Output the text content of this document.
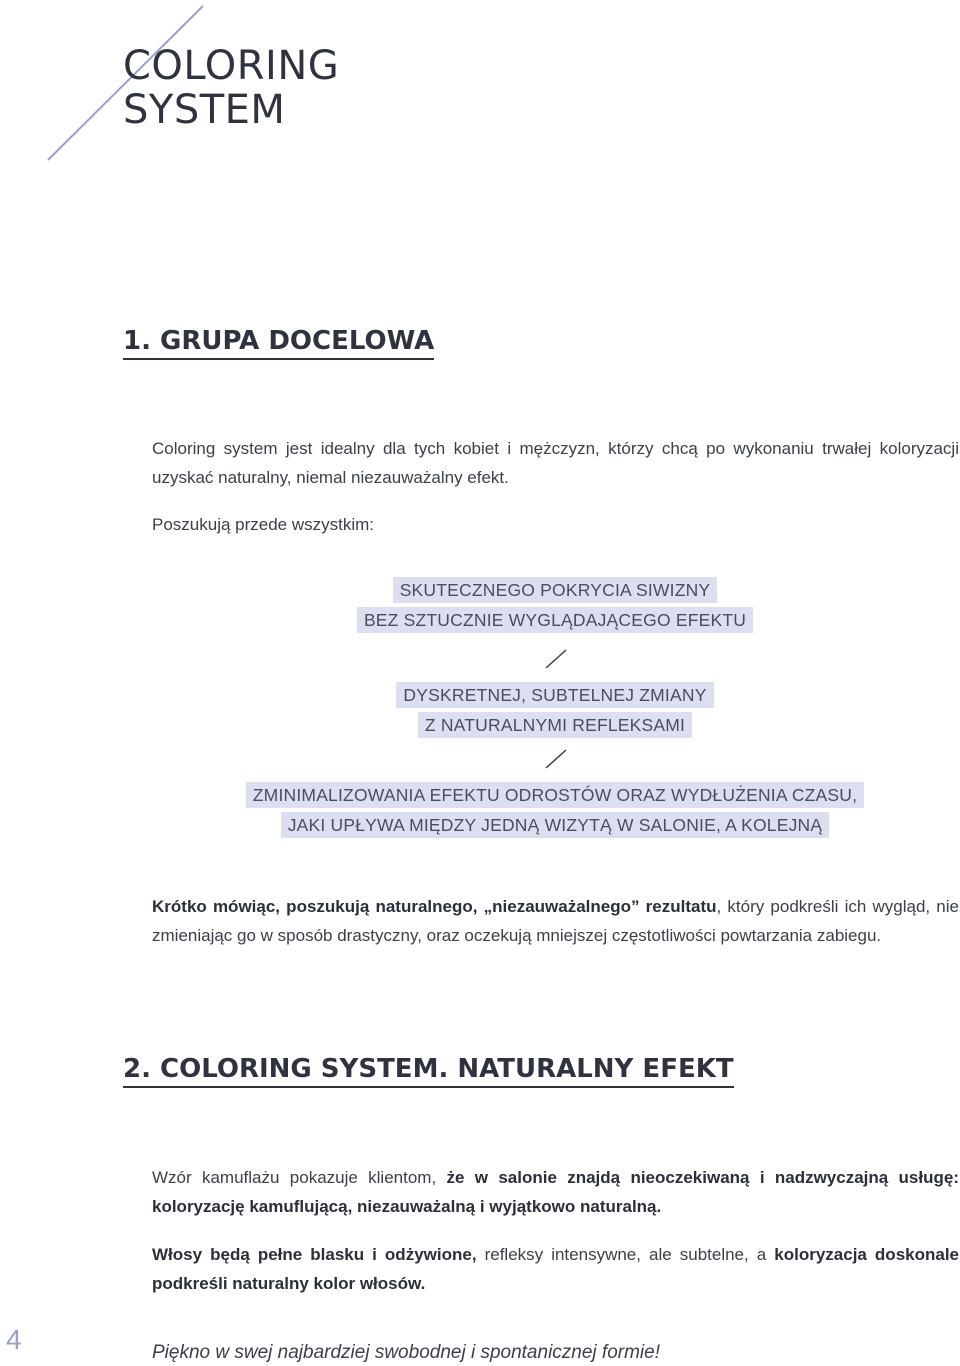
COLORING
SYSTEM
1. GRUPA DOCELOWA

Coloring system jest idealny dla tych kobiet i mężczyzn, którzy chcą po wykonaniu trwałej koloryzacji uzyskać naturalny, niemal niezauważalny efekt.

Poszukują przede wszystkim:

SKUTECZNEGO POKRYCIA SIWIZNY
BEZ SZTUCZNIE WYGLĄDAJĄCEGO EFEKTU
DYSKRETNEJ, SUBTELNEJ ZMIANY
Z NATURALNYMI REFLEKSAMI
ZMINIMALIZOWANIA EFEKTU ODROSTÓW ORAZ WYDŁUŻENIA CZASU,
JAKI UPŁYWA MIĘDZY JEDNĄ WIZYTĄ W SALONIE, A KOLEJNĄ

Krótko mówiąc, poszukują naturalnego, „niezauważalnego” rezultatu, który podkreśli ich wygląd, nie zmieniając go w sposób drastyczny, oraz oczekują mniejszej częstotliwości powtarzania zabiegu.

2. COLORING SYSTEM. NATURALNY EFEKT

Wzór kamuflażu pokazuje klientom, że w salonie znajdą nieoczekiwaną i nadzwyczajną usługę: koloryzację kamuflującą, niezauważalną i wyjątkowo naturalną.

Włosy będą pełne blasku i odżywione, refleksy intensywne, ale subtelne, a koloryzacja doskonale podkreśli naturalny kolor włosów.

4	Piękno w swej najbardziej swobodnej i spontanicznej formie!
